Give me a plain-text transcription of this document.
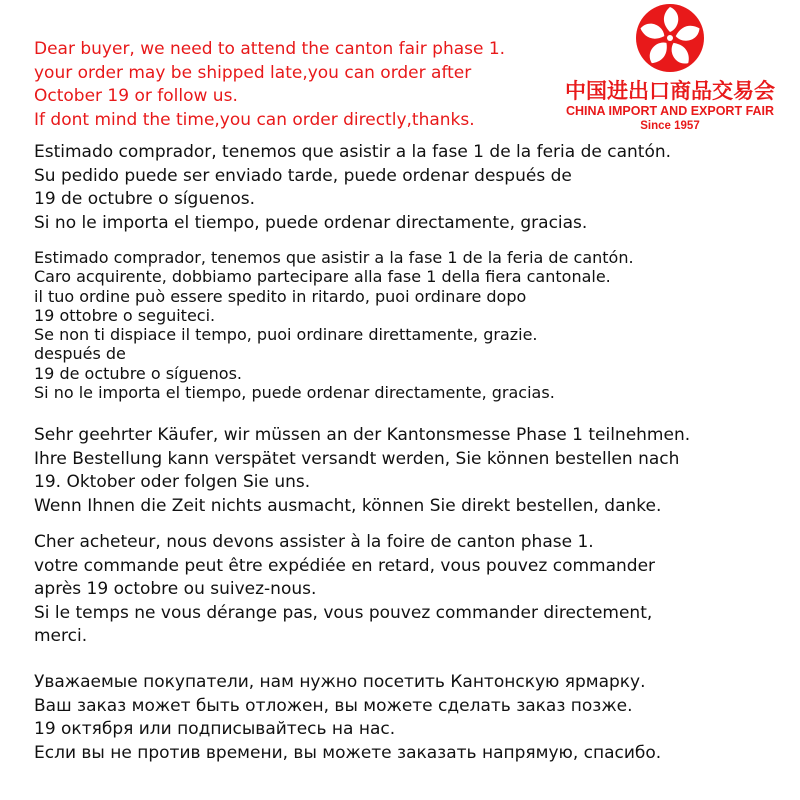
Dear buyer, we need to attend the canton fair phase 1.
your order may be shipped late,you can order after
October 19 or follow us.
If dont mind the time,you can order directly,thanks.
中国进出口商品交易会
CHINA IMPORT AND EXPORT FAIR
Since 1957
Estimado comprador, tenemos que asistir a la fase 1 de la feria de cantón.
Su pedido puede ser enviado tarde, puede ordenar después de
19 de octubre o síguenos.
Si no le importa el tiempo, puede ordenar directamente, gracias.
Estimado comprador, tenemos que asistir a la fase 1 de la feria de cantón.
Caro acquirente, dobbiamo partecipare alla fase 1 della fiera cantonale.
il tuo ordine può essere spedito in ritardo, puoi ordinare dopo
19 ottobre o seguiteci.
Se non ti dispiace il tempo, puoi ordinare direttamente, grazie.
después de
19 de octubre o síguenos.
Si no le importa el tiempo, puede ordenar directamente, gracias.
Sehr geehrter Käufer, wir müssen an der Kantonsmesse Phase 1 teilnehmen.
Ihre Bestellung kann verspätet versandt werden, Sie können bestellen nach
19. Oktober oder folgen Sie uns.
Wenn Ihnen die Zeit nichts ausmacht, können Sie direkt bestellen, danke.
Cher acheteur, nous devons assister à la foire de canton phase 1.
votre commande peut être expédiée en retard, vous pouvez commander
après 19 octobre ou suivez-nous.
Si le temps ne vous dérange pas, vous pouvez commander directement,
merci.
Уважаемые покупатели, нам нужно посетить Кантонскую ярмарку.
Ваш заказ может быть отложен, вы можете сделать заказ позже.
19 октября или подписывайтесь на нас.
Если вы не против времени, вы можете заказать напрямую, спасибо.
